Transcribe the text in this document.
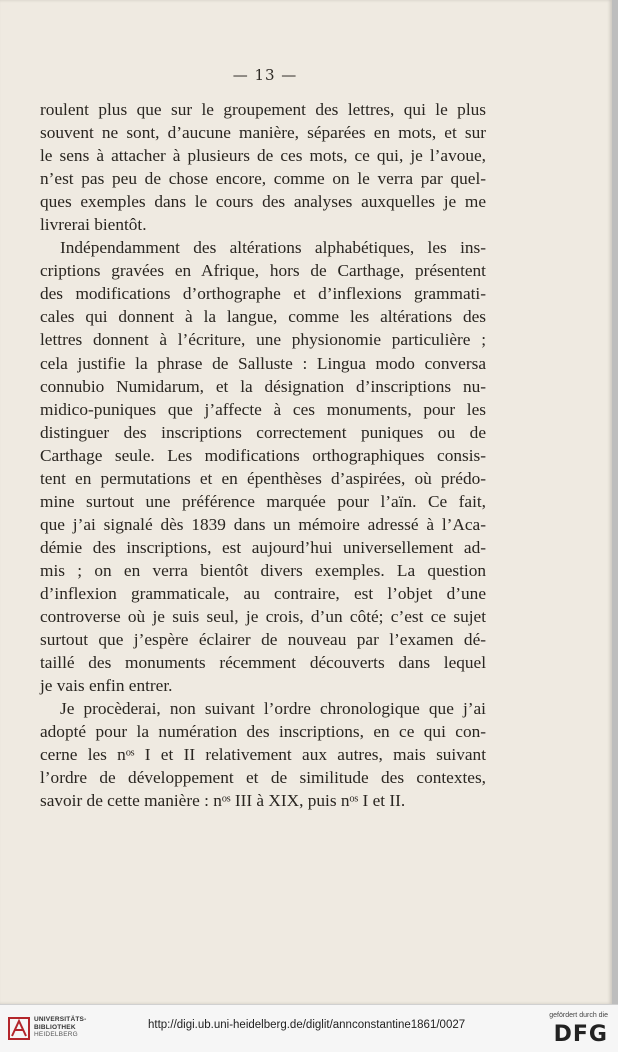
— 13 —

roulent plus que sur le groupement des lettres, qui le plus
souvent ne sont, d’aucune manière, séparées en mots, et sur
le sens à attacher à plusieurs de ces mots, ce qui, je l’avoue,
n’est pas peu de chose encore, comme on le verra par quel-
ques exemples dans le cours des analyses auxquelles je me
livrerai bientôt.

Indépendamment des altérations alphabétiques, les ins-
criptions gravées en Afrique, hors de Carthage, présentent
des modifications d’orthographe et d’inflexions grammati-
cales qui donnent à la langue, comme les altérations des
lettres donnent à l’écriture, une physionomie particulière ;
cela justifie la phrase de Salluste : Lingua modo conversa
connubio Numidarum, et la désignation d’inscriptions nu-
midico-puniques que j’affecte à ces monuments, pour les
distinguer des inscriptions correctement puniques ou de
Carthage seule. Les modifications orthographiques consis-
tent en permutations et en épenthèses d’aspirées, où prédo-
mine surtout une préférence marquée pour l’aïn. Ce fait,
que j’ai signalé dès 1839 dans un mémoire adressé à l’Aca-
démie des inscriptions, est aujourd’hui universellement ad-
mis ; on en verra bientôt divers exemples. La question
d’inflexion grammaticale, au contraire, est l’objet d’une
controverse où je suis seul, je crois, d’un côté; c’est ce sujet
surtout que j’espère éclairer de nouveau par l’examen dé-
taillé des monuments récemment découverts dans lequel
je vais enfin entrer.

Je procèderai, non suivant l’ordre chronologique que j’ai
adopté pour la numération des inscriptions, en ce qui con-
cerne les nᵒˢ I et II relativement aux autres, mais suivant
l’ordre de développement et de similitude des contextes,
savoir de cette manière : nᵒˢ III à XIX, puis nᵒˢ I et II.

UNIVERSITÄTS-
BIBLIOTHEK
HEIDELBERG
http://digi.ub.uni-heidelberg.de/diglit/annconstantine1861/0027
gefördert durch die
DFG
